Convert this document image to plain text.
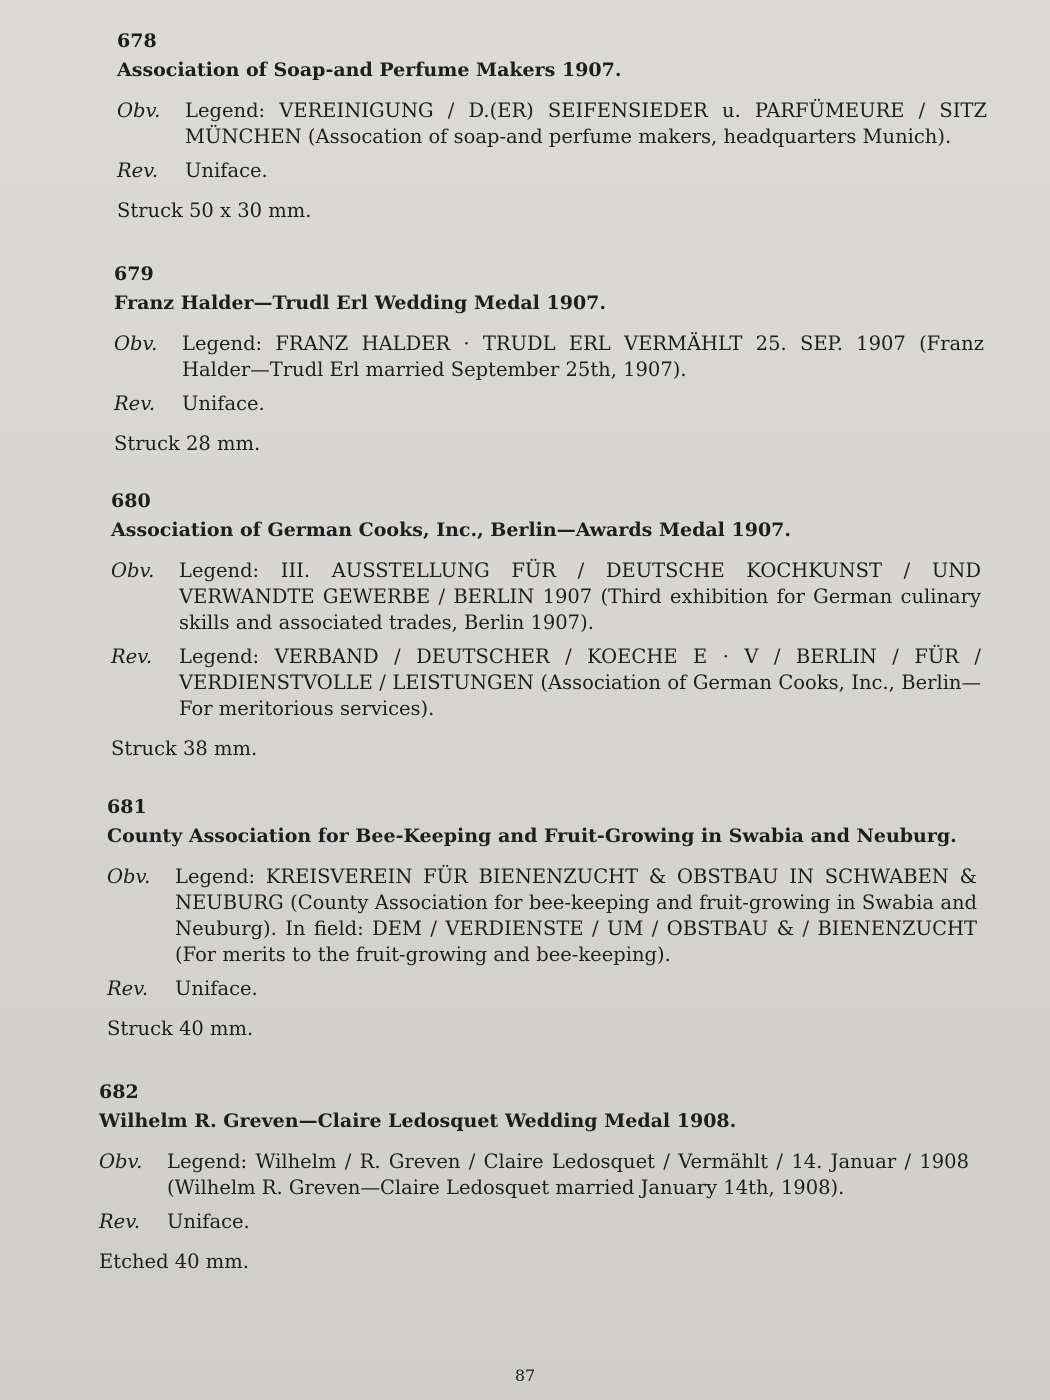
678
Association of Soap-and Perfume Makers 1907.
Obv.	Legend: VEREINIGUNG / D.(ER) SEIFENSIEDER u. PARFÜMEURE / SITZ MÜNCHEN (Assocation of soap-and perfume makers, headquarters Munich).
Rev.	Uniface.
Struck 50 x 30 mm.
679
Franz Halder—Trudl Erl Wedding Medal 1907.
Obv.	Legend: FRANZ HALDER · TRUDL ERL VERMÄHLT 25. SEP. 1907 (Franz Halder—Trudl Erl married September 25th, 1907).
Rev.	Uniface.
Struck 28 mm.
680
Association of German Cooks, Inc., Berlin—Awards Medal 1907.
Obv.	Legend: III. AUSSTELLUNG FÜR / DEUTSCHE KOCHKUNST / UND VERWANDTE GEWERBE / BERLIN 1907 (Third exhibition for German culinary skills and associated trades, Berlin 1907).
Rev.	Legend: VERBAND / DEUTSCHER / KOECHE E · V / BERLIN / FÜR / VERDIENSTVOLLE / LEISTUNGEN (Association of German Cooks, Inc., Berlin—For meritorious services).
Struck 38 mm.
681
County Association for Bee-Keeping and Fruit-Growing in Swabia and Neuburg.
Obv.	Legend: KREISVEREIN FÜR BIENENZUCHT & OBSTBAU IN SCHWABEN & NEUBURG (County Association for bee-keeping and fruit-growing in Swabia and Neuburg). In field: DEM / VERDIENSTE / UM / OBSTBAU & / BIENENZUCHT (For merits to the fruit-growing and bee-keeping).
Rev.	Uniface.
Struck 40 mm.
682
Wilhelm R. Greven—Claire Ledosquet Wedding Medal 1908.
Obv.	Legend: Wilhelm / R. Greven / Claire Ledosquet / Vermählt / 14. Januar / 1908 (Wilhelm R. Greven—Claire Ledosquet married January 14th, 1908).
Rev.	Uniface.
Etched 40 mm.
87
